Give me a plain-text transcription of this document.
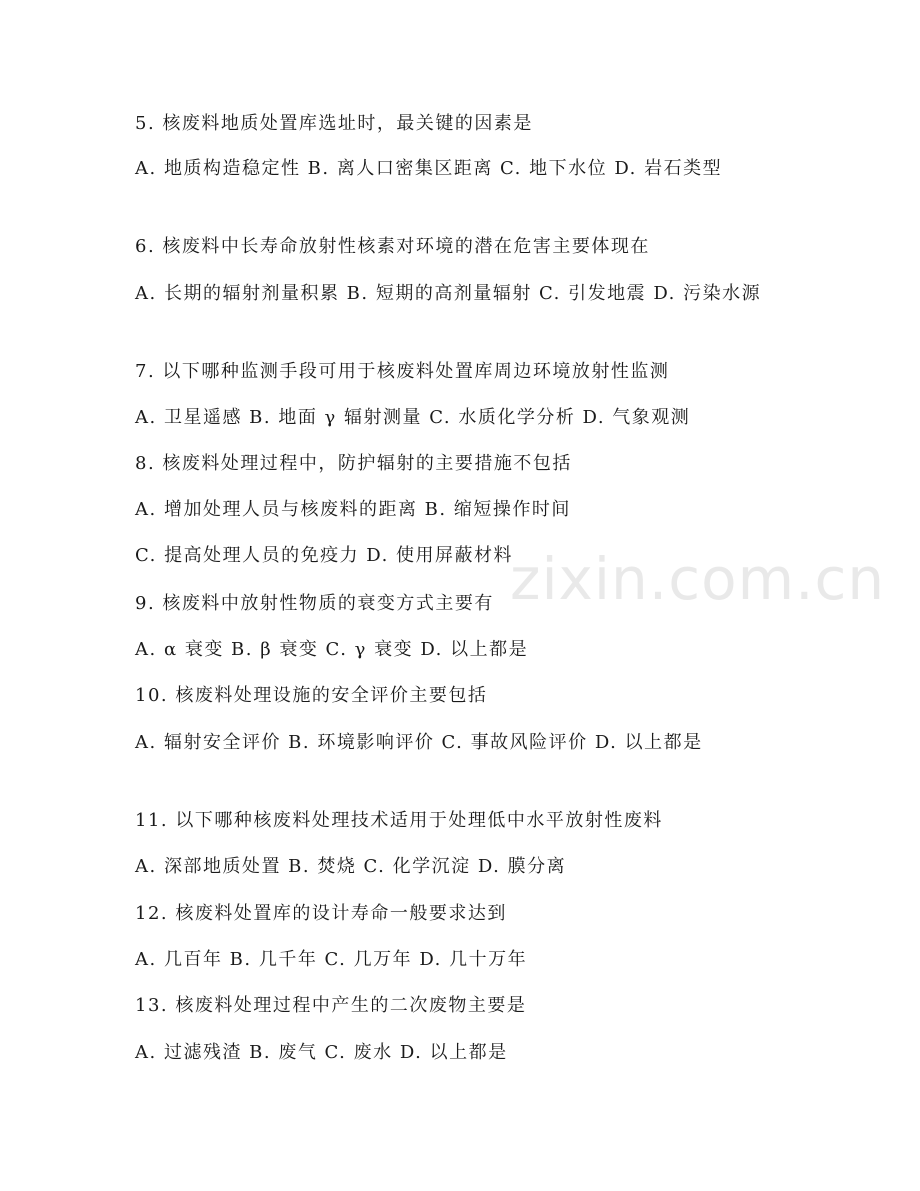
zixin.com.cn
5. 核废料地质处置库选址时，最关键的因素是
A. 地质构造稳定性 B. 离人口密集区距离 C. 地下水位 D. 岩石类型
6. 核废料中长寿命放射性核素对环境的潜在危害主要体现在
A. 长期的辐射剂量积累 B. 短期的高剂量辐射 C. 引发地震 D. 污染水源
7. 以下哪种监测手段可用于核废料处置库周边环境放射性监测
A. 卫星遥感 B. 地面 γ 辐射测量 C. 水质化学分析 D. 气象观测
8. 核废料处理过程中，防护辐射的主要措施不包括
A. 增加处理人员与核废料的距离 B. 缩短操作时间
C. 提高处理人员的免疫力 D. 使用屏蔽材料
9. 核废料中放射性物质的衰变方式主要有
A. α 衰变 B. β 衰变 C. γ 衰变 D. 以上都是
10. 核废料处理设施的安全评价主要包括
A. 辐射安全评价 B. 环境影响评价 C. 事故风险评价 D. 以上都是
11. 以下哪种核废料处理技术适用于处理低中水平放射性废料
A. 深部地质处置 B. 焚烧 C. 化学沉淀 D. 膜分离
12. 核废料处置库的设计寿命一般要求达到
A. 几百年 B. 几千年 C. 几万年 D. 几十万年
13. 核废料处理过程中产生的二次废物主要是
A. 过滤残渣 B. 废气 C. 废水 D. 以上都是
